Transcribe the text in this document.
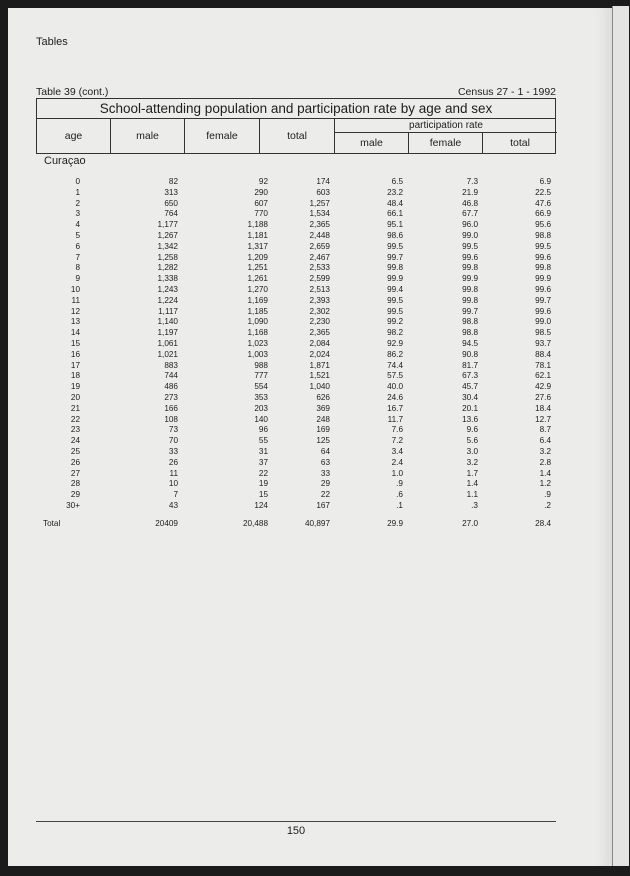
Tables
Table 39 (cont.)	Census 27 - 1 - 1992
School-attending population and participation rate by age and sex
age	male	female	total
participation rate
male	female	total
Curaçao
0	82	92	174	6.5	7.3	6.9
1	313	290	603	23.2	21.9	22.5
2	650	607	1,257	48.4	46.8	47.6
3	764	770	1,534	66.1	67.7	66.9
4	1,177	1,188	2,365	95.1	96.0	95.6
5	1,267	1,181	2,448	98.6	99.0	98.8
6	1,342	1,317	2,659	99.5	99.5	99.5
7	1,258	1,209	2,467	99.7	99.6	99.6
8	1,282	1,251	2,533	99.8	99.8	99.8
9	1,338	1,261	2,599	99.9	99.9	99.9
10	1,243	1,270	2,513	99.4	99.8	99.6
11	1,224	1,169	2,393	99.5	99.8	99.7
12	1,117	1,185	2,302	99.5	99.7	99.6
13	1,140	1,090	2,230	99.2	98.8	99.0
14	1,197	1,168	2,365	98.2	98.8	98.5
15	1,061	1,023	2,084	92.9	94.5	93.7
16	1,021	1,003	2,024	86.2	90.8	88.4
17	883	988	1,871	74.4	81.7	78.1
18	744	777	1,521	57.5	67.3	62.1
19	486	554	1,040	40.0	45.7	42.9
20	273	353	626	24.6	30.4	27.6
21	166	203	369	16.7	20.1	18.4
22	108	140	248	11.7	13.6	12.7
23	73	96	169	7.6	9.6	8.7
24	70	55	125	7.2	5.6	6.4
25	33	31	64	3.4	3.0	3.2
26	26	37	63	2.4	3.2	2.8
27	11	22	33	1.0	1.7	1.4
28	10	19	29	.9	1.4	1.2
29	7	15	22	.6	1.1	.9
30+	43	124	167	.1	.3	.2
Total	20409	20,488	40,897	29.9	27.0	28.4
150
